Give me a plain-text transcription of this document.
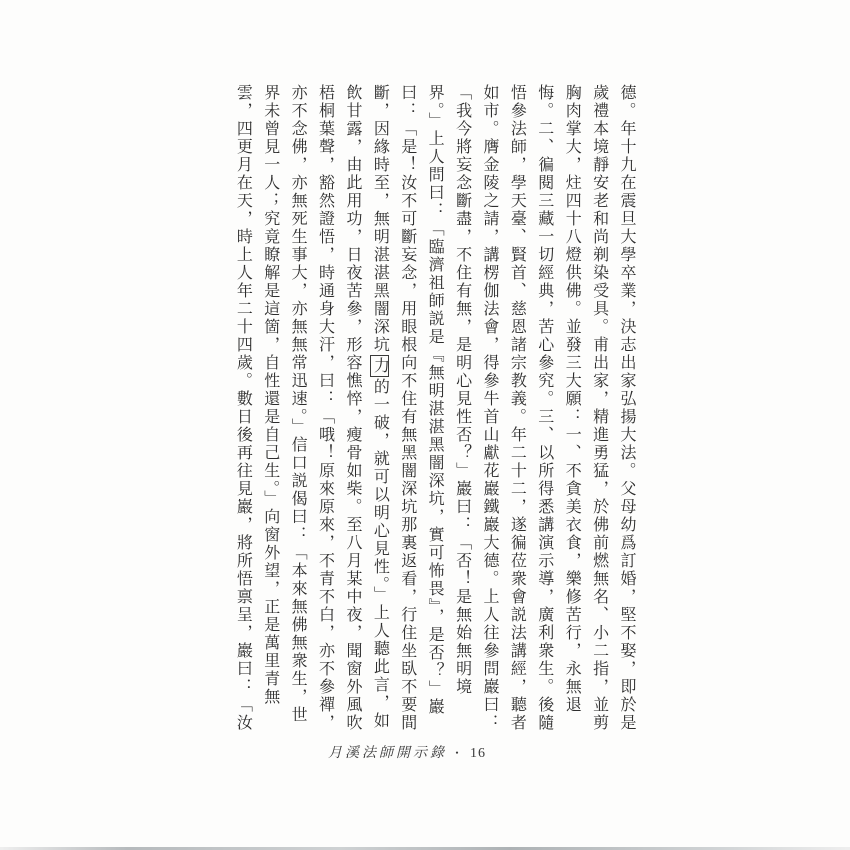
德。年十九在震旦大學卒業，決志出家弘揚大法。父母幼爲訂婚，堅不娶，即於是
歲禮本境靜安老和尚剃染受具。甫出家，精進勇猛，於佛前燃無名、小二指，並剪
胸肉掌大，炷四十八燈供佛。並發三大願：一、不貪美衣食，樂修苦行，永無退
悔。二、徧閱三藏一切經典，苦心參究。三、以所得悉講演示導，廣利衆生。後隨
悟參法師，學天臺、賢首、慈恩諸宗教義。年二十二，遂徧莅衆會説法講經，聽者
如市。膺金陵之請，講楞伽法會，得參牛首山獻花巖鐵巖大德。上人往參問巖曰：
「我今將妄念斷盡，不住有無，是明心見性否？」巖曰：「否！是無始無明境
界。」上人問曰：「臨濟祖師説是『無明湛湛黑闇深坑，實可怖畏』，是否？」巖
曰：「是！汝不可斷妄念，用眼根向不住有無黑闇深坑那裏返看，行住坐臥不要間
斷，因緣時至，無明湛湛黑闇深坑力的一破，就可以明心見性。」上人聽此言，如
飲甘露，由此用功，日夜苦參，形容憔悴，瘦骨如柴。至八月某中夜，聞窗外風吹
梧桐葉聲，豁然證悟，時通身大汗，曰：「哦！原來原來，不青不白，亦不參禪，
亦不念佛，亦無死生事大，亦無無常迅速。」信口説偈曰：「本來無佛無衆生，世
界未曾見一人；究竟瞭解是這箇，自性還是自己生。」向窗外望，正是萬里青無
雲，四更月在天，時上人年二十四歲。數日後再往見巖，將所悟禀呈，巖曰：「汝
月溪法師開示錄 ・ 16
